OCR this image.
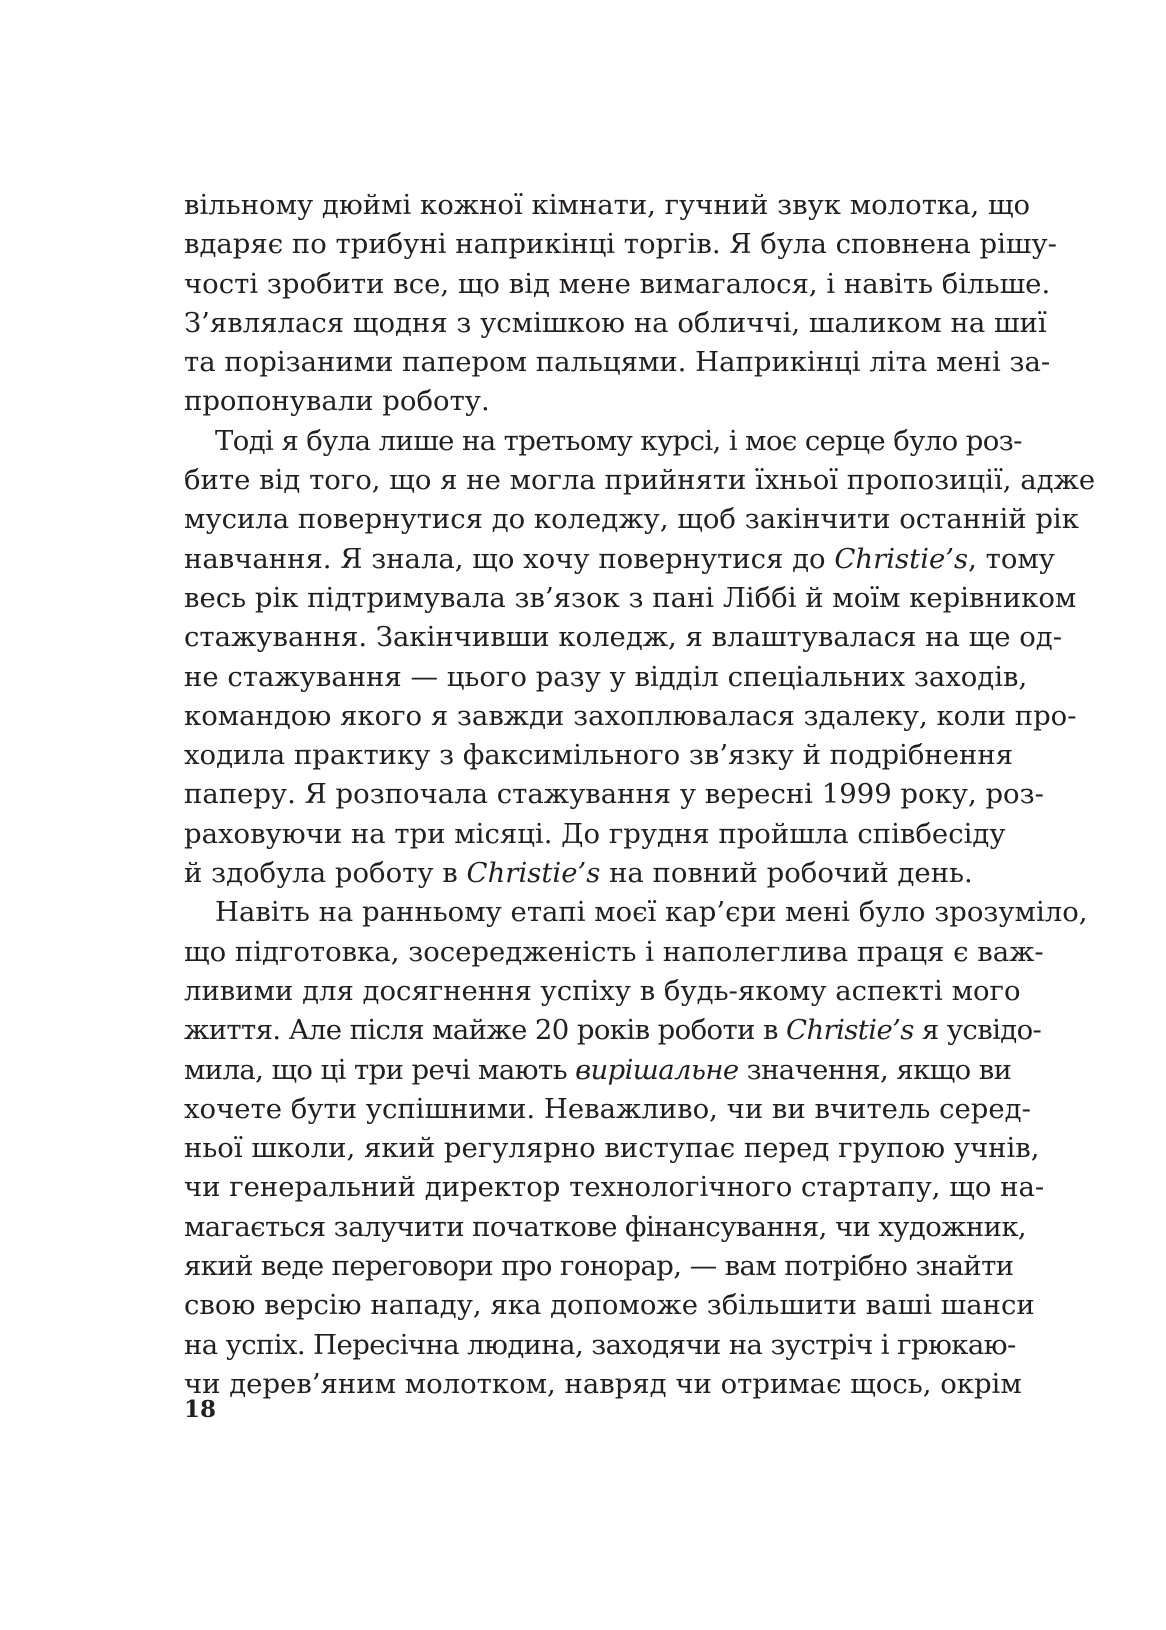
вільному дюймі кожної кімнати, гучний звук молотка, що
вдаряє по трибуні наприкінці торгів. Я була сповнена рішу-
чості зробити все, що від мене вимагалося, і навіть більше.
З’являлася щодня з усмішкою на обличчі, шаликом на шиї
та порізаними папером пальцями. Наприкінці літа мені за-
пропонували роботу.
Тоді я була лише на третьому курсі, і моє серце було роз-
бите від того, що я не могла прийняти їхньої пропозиції, адже
мусила повернутися до коледжу, щоб закінчити останній рік
навчання. Я знала, що хочу повернутися до Christie’s, тому
весь рік підтримувала зв’язок з пані Ліббі й моїм керівником
стажування. Закінчивши коледж, я влаштувалася на ще од-
не стажування — цього разу у відділ спеціальних заходів,
командою якого я завжди захоплювалася здалеку, коли про-
ходила практику з факсимільного зв’язку й подрібнення
паперу. Я розпочала стажування у вересні 1999 року, роз-
раховуючи на три місяці. До грудня пройшла співбесіду
й здобула роботу в Christie’s на повний робочий день.
Навіть на ранньому етапі моєї кар’єри мені було зрозуміло,
що підготовка, зосередженість і наполеглива праця є важ-
ливими для досягнення успіху в будь-якому аспекті мого
життя. Але після майже 20 років роботи в Christie’s я усвідо-
мила, що ці три речі мають вирішальне значення, якщо ви
хочете бути успішними. Неважливо, чи ви вчитель серед-
ньої школи, який регулярно виступає перед групою учнів,
чи генеральний директор технологічного стартапу, що на-
магається залучити початкове фінансування, чи художник,
який веде переговори про гонорар, — вам потрібно знайти
свою версію нападу, яка допоможе збільшити ваші шанси
на успіх. Пересічна людина, заходячи на зустріч і грюкаю-
чи дерев’яним молотком, навряд чи отримає щось, окрім
18
